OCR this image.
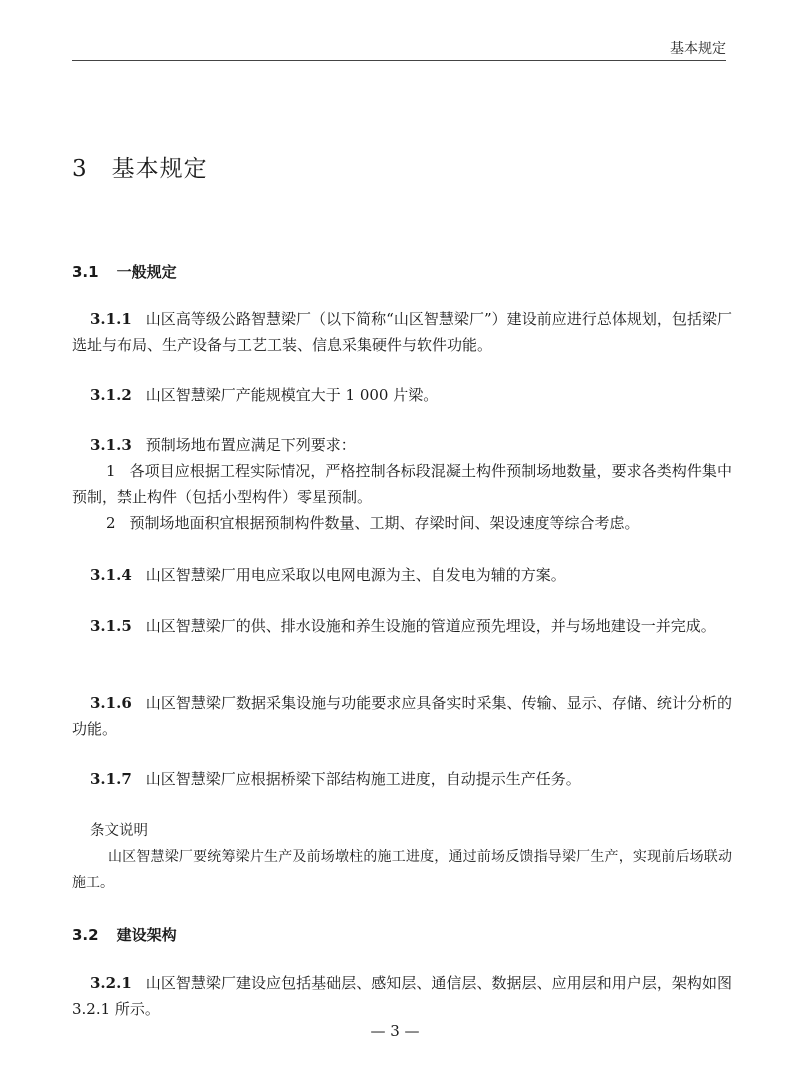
基本规定
3 基本规定
3.1 一般规定
3.1.1 山区高等级公路智慧梁厂（以下简称“山区智慧梁厂”）建设前应进行总体规划，包括梁厂选址与布局、生产设备与工艺工装、信息采集硬件与软件功能。
3.1.2 山区智慧梁厂产能规模宜大于 1 000 片梁。
3.1.3 预制场地布置应满足下列要求：
1 各项目应根据工程实际情况，严格控制各标段混凝土构件预制场地数量，要求各类构件集中预制，禁止构件（包括小型构件）零星预制。
2 预制场地面积宜根据预制构件数量、工期、存梁时间、架设速度等综合考虑。
3.1.4 山区智慧梁厂用电应采取以电网电源为主、自发电为辅的方案。
3.1.5 山区智慧梁厂的供、排水设施和养生设施的管道应预先埋设，并与场地建设一并完成。
3.1.6 山区智慧梁厂数据采集设施与功能要求应具备实时采集、传输、显示、存储、统计分析的功能。
3.1.7 山区智慧梁厂应根据桥梁下部结构施工进度，自动提示生产任务。
条文说明
山区智慧梁厂要统筹梁片生产及前场墩柱的施工进度，通过前场反馈指导梁厂生产，实现前后场联动施工。
3.2 建设架构
3.2.1 山区智慧梁厂建设应包括基础层、感知层、通信层、数据层、应用层和用户层，架构如图 3.2.1 所示。
— 3 —
